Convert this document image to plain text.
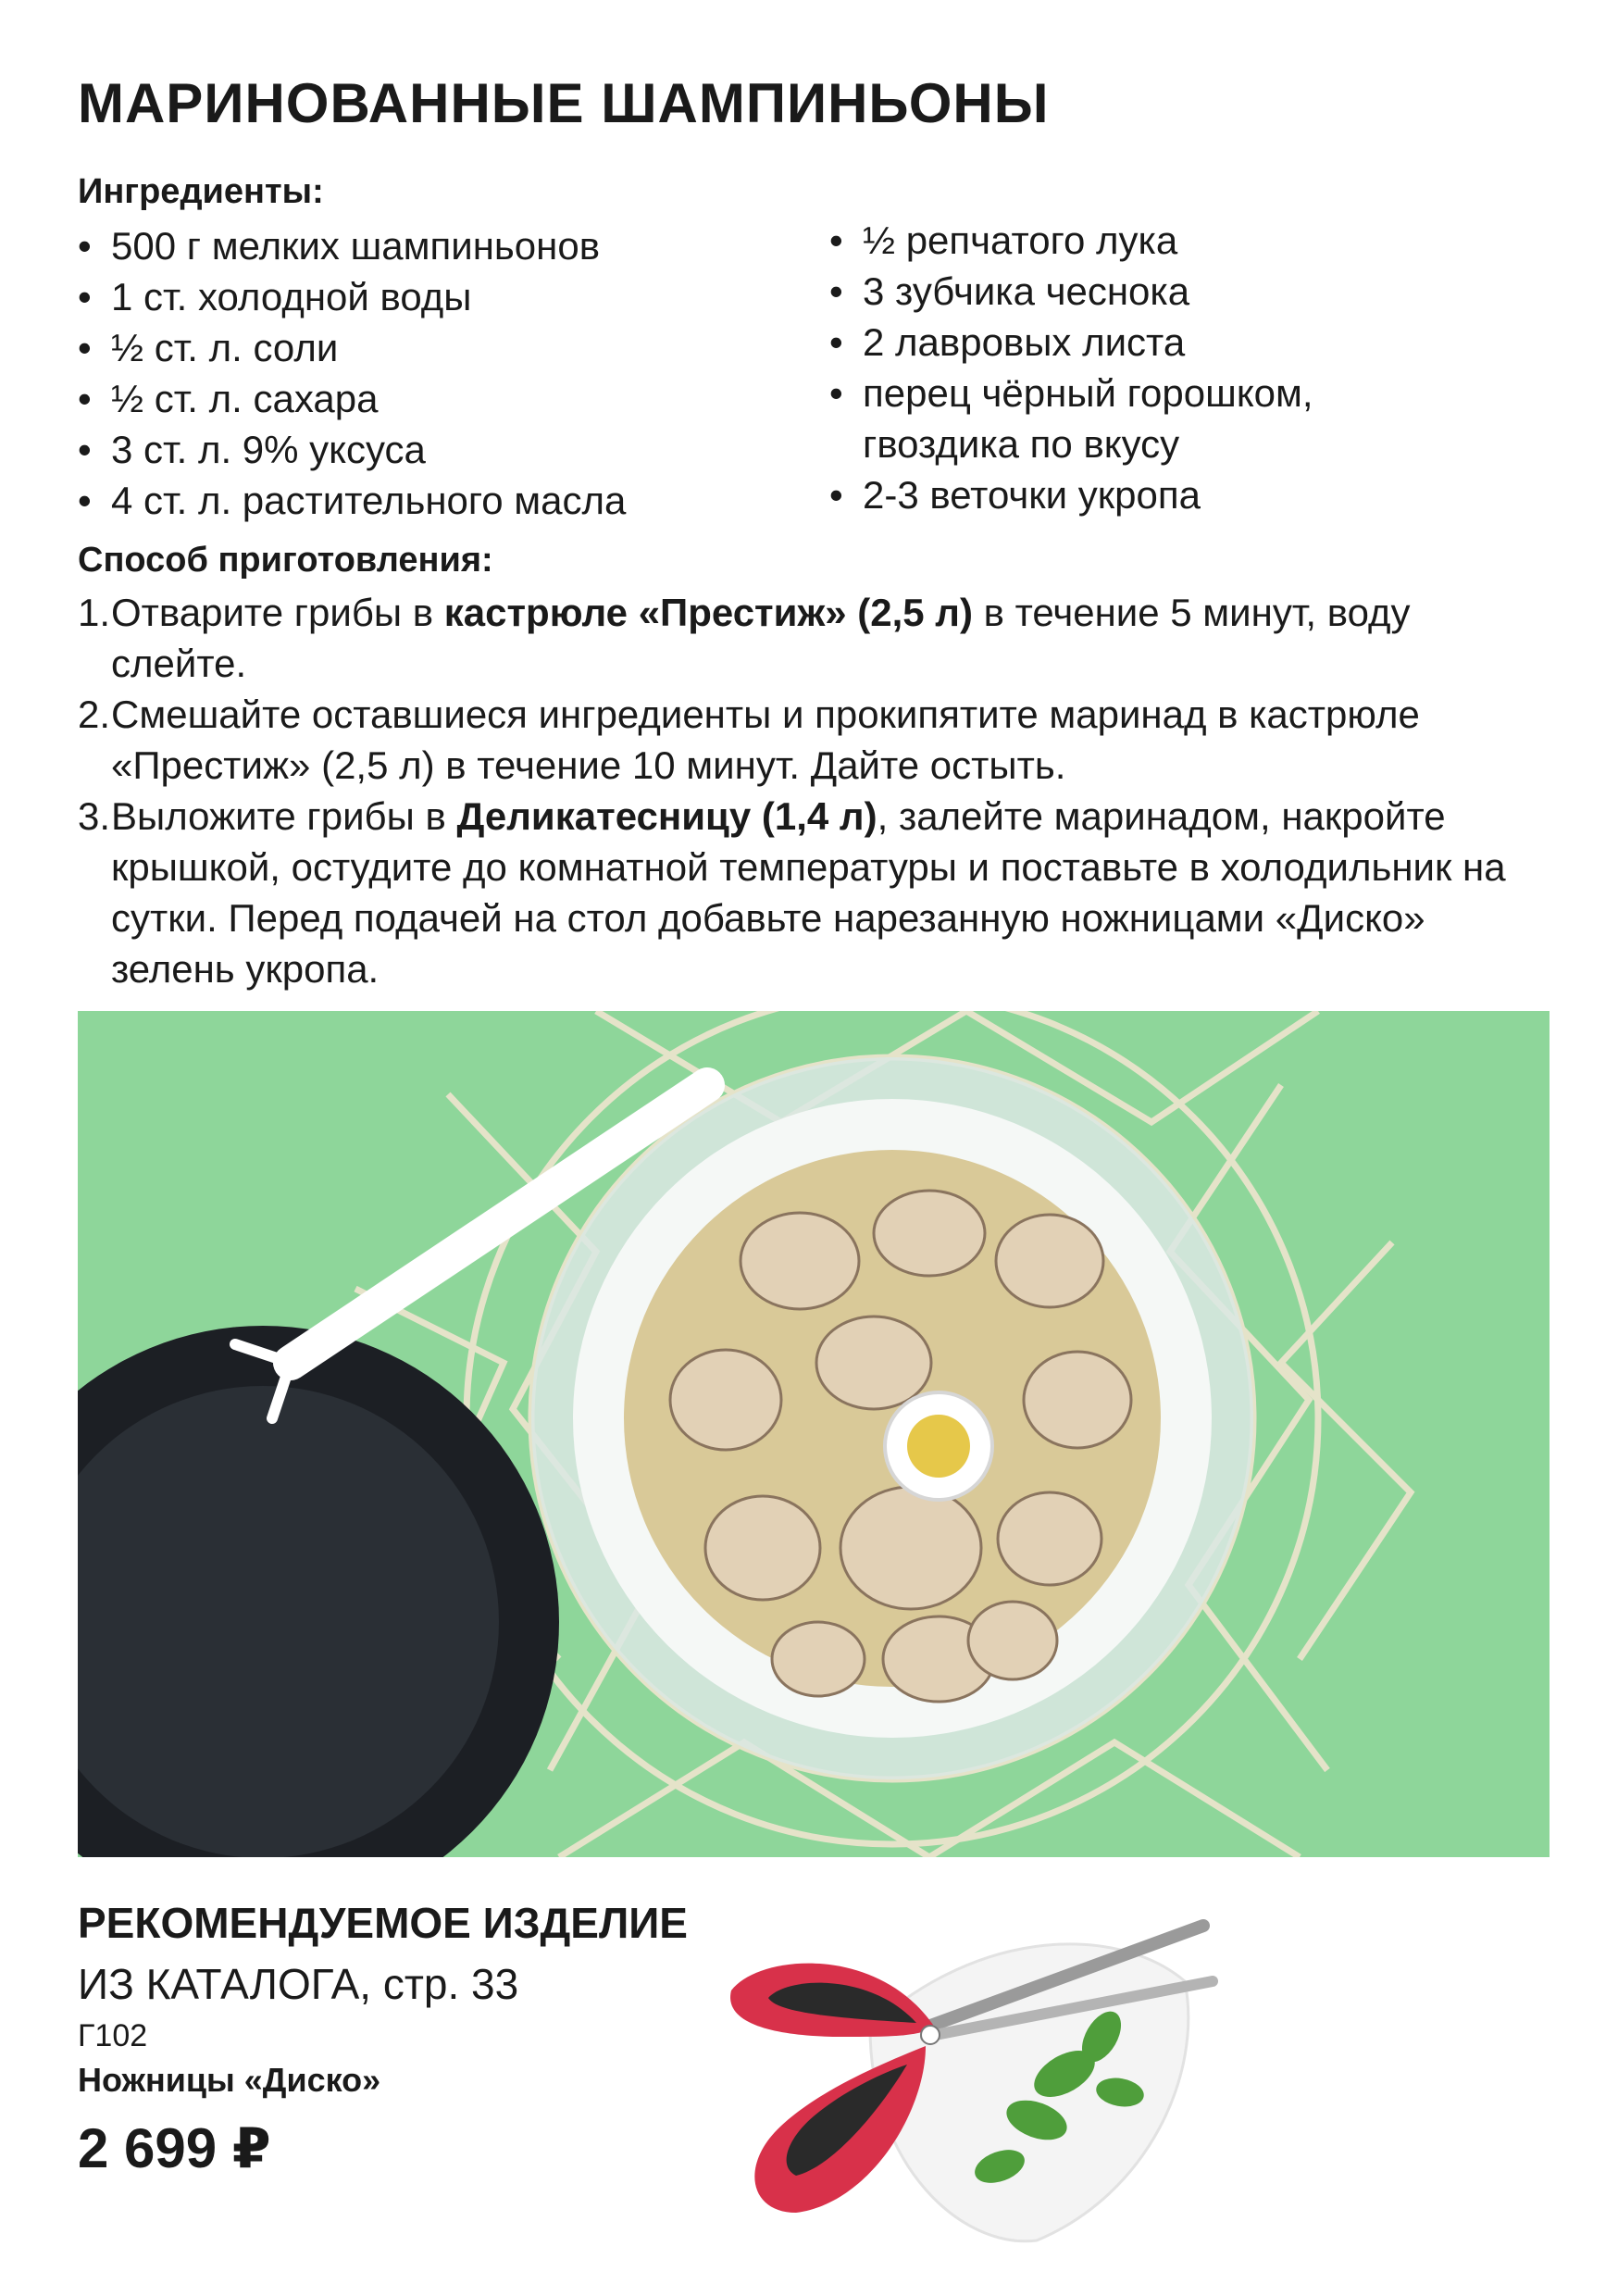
МАРИНОВАННЫЕ ШАМПИНЬОНЫ
Ингредиенты:
• 500 г мелких шампиньонов
• 1 ст. холодной воды
• ½ ст. л. соли
• ½ ст. л. сахара
• 3 ст. л. 9% уксуса
• 4 ст. л. растительного масла
• ½ репчатого лука
• 3 зубчика чеснока
• 2 лавровых листа
• перец чёрный горошком, гвоздика по вкусу
• 2-3 веточки укропа
Способ приготовления:
1. Отварите грибы в кастрюле «Престиж» (2,5 л) в течение 5 минут, воду слейте.
2. Смешайте оставшиеся ингредиенты и прокипятите маринад в кастрюле «Престиж» (2,5 л) в течение 10 минут. Дайте остыть.
3. Выложите грибы в Деликатесницу (1,4 л), залейте маринадом, накройте крышкой, остудите до комнатной температуры и поставьте в холодильник на сутки. Перед подачей на стол добавьте нарезанную ножницами «Диско» зелень укропа.
РЕКОМЕНДУЕМОЕ ИЗДЕЛИЕ
ИЗ КАТАЛОГА, стр. 33
Г102
Ножницы «Диско»
2 699 ₽
